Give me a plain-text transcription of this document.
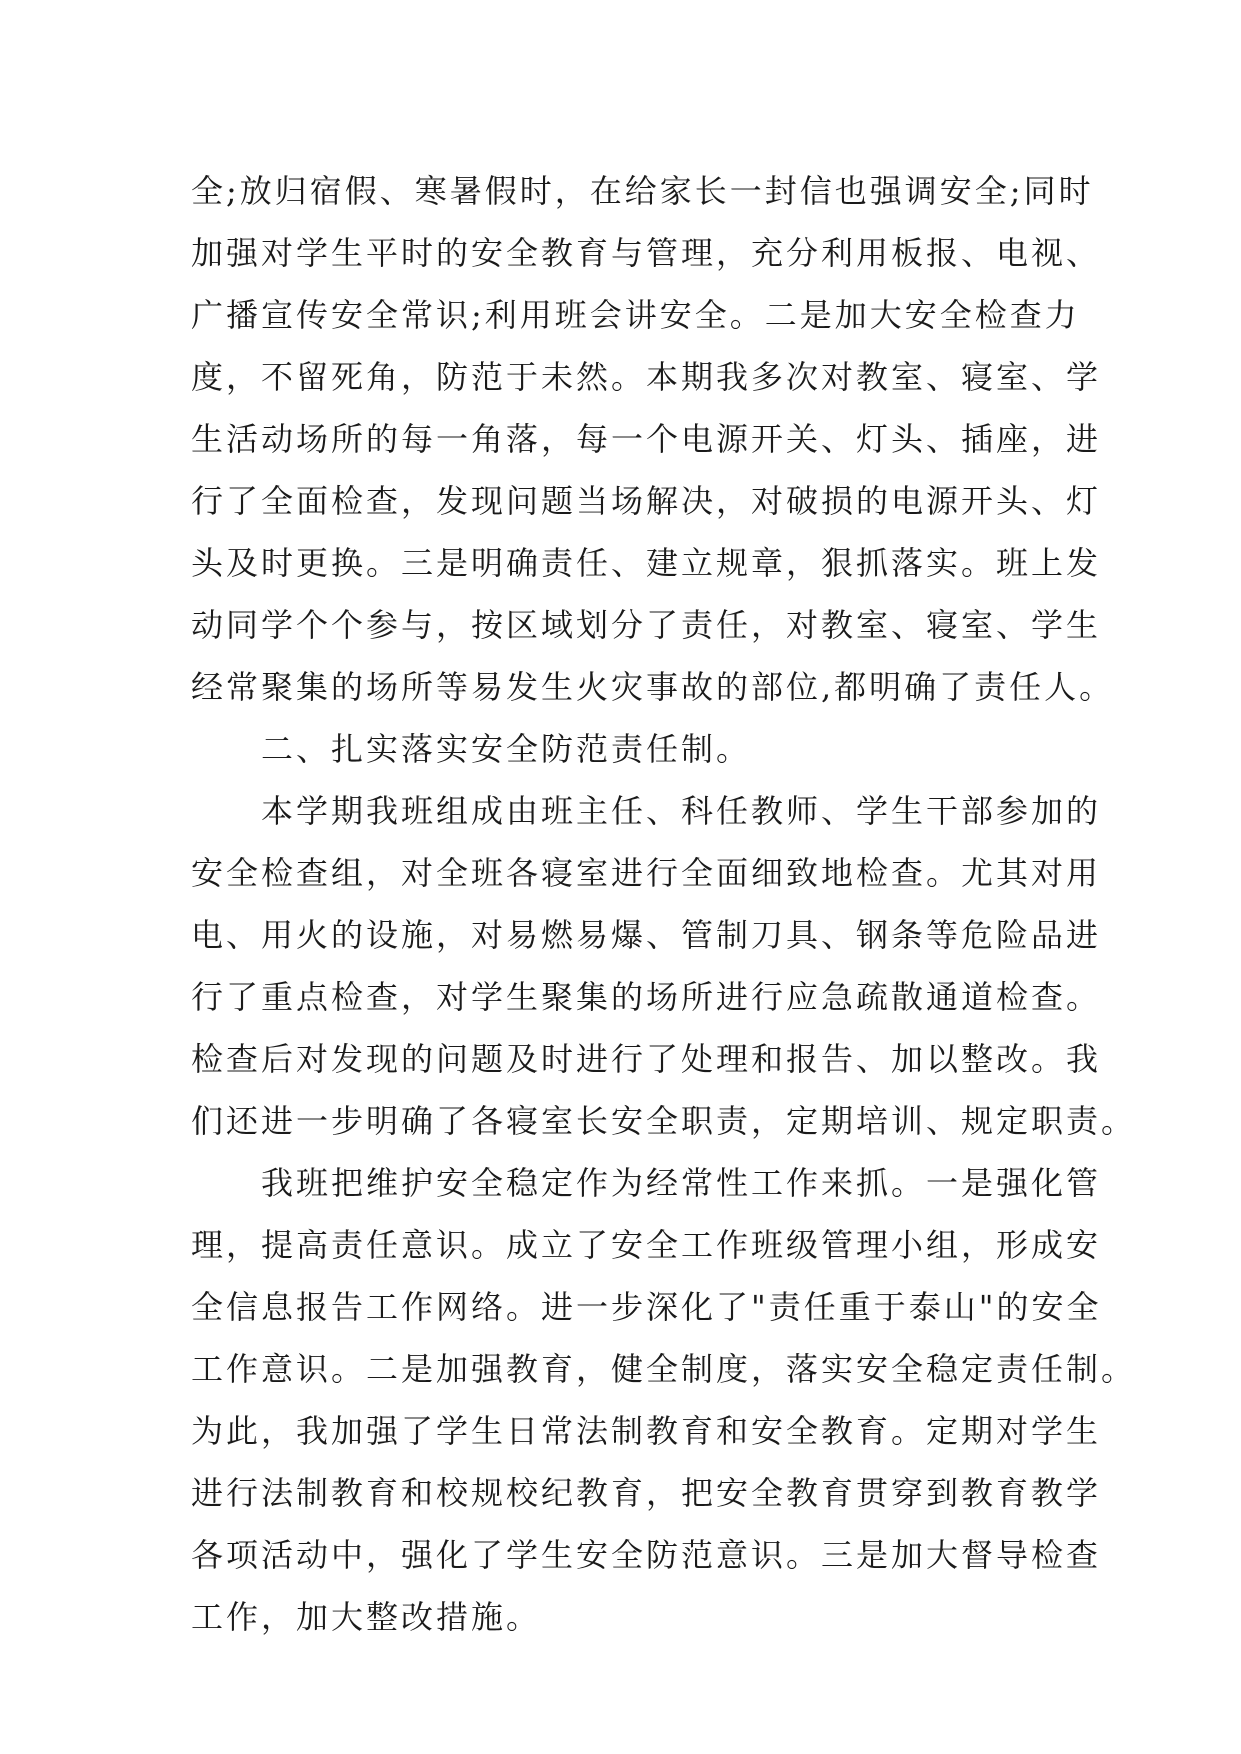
全;放归宿假、寒暑假时，在给家长一封信也强调安全;同时
加强对学生平时的安全教育与管理，充分利用板报、电视、
广播宣传安全常识;利用班会讲安全。二是加大安全检查力
度，不留死角，防范于未然。本期我多次对教室、寝室、学
生活动场所的每一角落，每一个电源开关、灯头、插座，进
行了全面检查，发现问题当场解决，对破损的电源开头、灯
头及时更换。三是明确责任、建立规章，狠抓落实。班上发
动同学个个参与，按区域划分了责任，对教室、寝室、学生
经常聚集的场所等易发生火灾事故的部位,都明确了责任人。
二、扎实落实安全防范责任制。
本学期我班组成由班主任、科任教师、学生干部参加的
安全检查组，对全班各寝室进行全面细致地检查。尤其对用
电、用火的设施，对易燃易爆、管制刀具、钢条等危险品进
行了重点检查，对学生聚集的场所进行应急疏散通道检查。
检查后对发现的问题及时进行了处理和报告、加以整改。我
们还进一步明确了各寝室长安全职责，定期培训、规定职责。
我班把维护安全稳定作为经常性工作来抓。一是强化管
理，提高责任意识。成立了安全工作班级管理小组，形成安
全信息报告工作网络。进一步深化了"责任重于泰山"的安全
工作意识。二是加强教育，健全制度，落实安全稳定责任制。
为此，我加强了学生日常法制教育和安全教育。定期对学生
进行法制教育和校规校纪教育，把安全教育贯穿到教育教学
各项活动中，强化了学生安全防范意识。三是加大督导检查
工作，加大整改措施。
